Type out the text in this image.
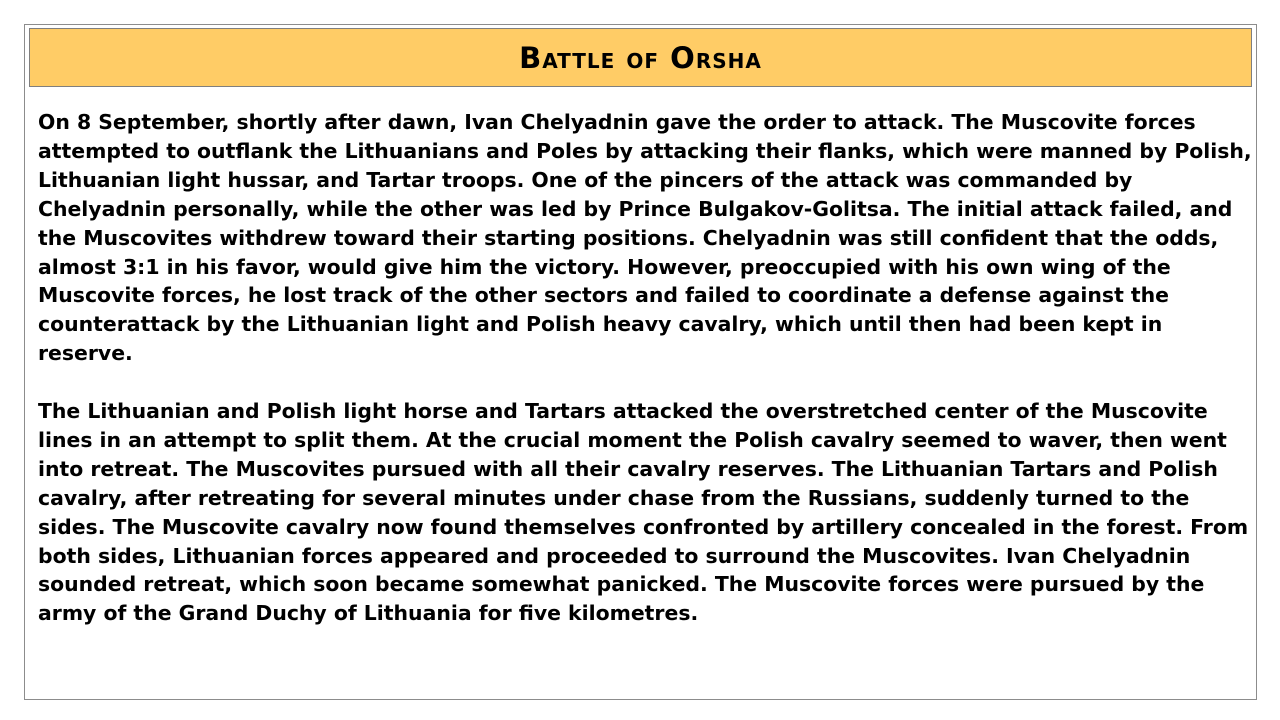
Battle of Orsha

On 8 September, shortly after dawn, Ivan Chelyadnin gave the order to attack. The Muscovite forces attempted to outflank the Lithuanians and Poles by attacking their flanks, which were manned by Polish, Lithuanian light hussar, and Tartar troops. One of the pincers of the attack was commanded by Chelyadnin personally, while the other was led by Prince Bulgakov-Golitsa. The initial attack failed, and the Muscovites withdrew toward their starting positions. Chelyadnin was still confident that the odds, almost 3:1 in his favor, would give him the victory. However, preoccupied with his own wing of the Muscovite forces, he lost track of the other sectors and failed to coordinate a defense against the counterattack by the Lithuanian light and Polish heavy cavalry, which until then had been kept in reserve.

The Lithuanian and Polish light horse and Tartars attacked the overstretched center of the Muscovite lines in an attempt to split them. At the crucial moment the Polish cavalry seemed to waver, then went into retreat. The Muscovites pursued with all their cavalry reserves. The Lithuanian Tartars and Polish cavalry, after retreating for several minutes under chase from the Russians, suddenly turned to the sides. The Muscovite cavalry now found themselves confronted by artillery concealed in the forest. From both sides, Lithuanian forces appeared and proceeded to surround the Muscovites. Ivan Chelyadnin sounded retreat, which soon became somewhat panicked. The Muscovite forces were pursued by the army of the Grand Duchy of Lithuania for five kilometres.
